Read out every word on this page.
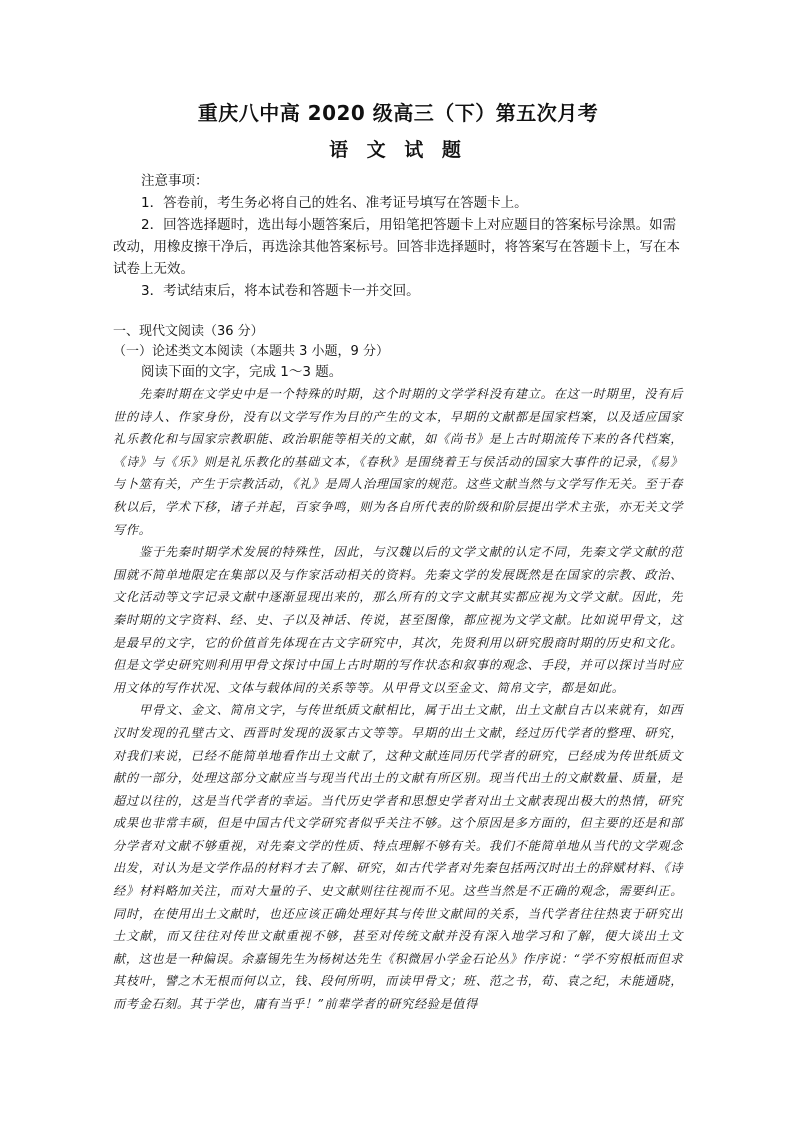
重庆八中高 2020 级高三（下）第五次月考
语 文 试 题

注意事项：

1．答卷前，考生务必将自己的姓名、准考证号填写在答题卡上。

2．回答选择题时，选出每小题答案后，用铅笔把答题卡上对应题目的答案标号涂黑。如需改动，用橡皮擦干净后，再选涂其他答案标号。回答非选择题时，将答案写在答题卡上，写在本试卷上无效。

3．考试结束后，将本试卷和答题卡一并交回。

一、现代文阅读（36 分）

（一）论述类文本阅读（本题共 3 小题，9 分）

阅读下面的文字，完成 1～3 题。

先秦时期在文学史中是一个特殊的时期，这个时期的文学学科没有建立。在这一时期里，没有后世的诗人、作家身份，没有以文学写作为目的产生的文本，早期的文献都是国家档案，以及适应国家礼乐教化和与国家宗教职能、政治职能等相关的文献，如《尚书》是上古时期流传下来的各代档案，《诗》与《乐》则是礼乐教化的基础文本，《春秋》是围绕着王与侯活动的国家大事件的记录，《易》与卜筮有关，产生于宗教活动，《礼》是周人治理国家的规范。这些文献当然与文学写作无关。至于春秋以后，学术下移，诸子并起，百家争鸣，则为各自所代表的阶级和阶层提出学术主张，亦无关文学写作。

鉴于先秦时期学术发展的特殊性，因此，与汉魏以后的文学文献的认定不同，先秦文学文献的范围就不简单地限定在集部以及与作家活动相关的资料。先秦文学的发展既然是在国家的宗教、政治、文化活动等文字记录文献中逐渐显现出来的，那么所有的文字文献其实都应视为文学文献。因此，先秦时期的文字资料、经、史、子以及神话、传说，甚至图像，都应视为文学文献。比如说甲骨文，这是最早的文字，它的价值首先体现在古文字研究中，其次，先贤利用以研究殷商时期的历史和文化。但是文学史研究则利用甲骨文探讨中国上古时期的写作状态和叙事的观念、手段，并可以探讨当时应用文体的写作状况、文体与载体间的关系等等。从甲骨文以至金文、简帛文字，都是如此。

甲骨文、金文、简帛文字，与传世纸质文献相比，属于出土文献，出土文献自古以来就有，如西汉时发现的孔壁古文、西晋时发现的汲冢古文等等。早期的出土文献，经过历代学者的整理、研究，对我们来说，已经不能简单地看作出土文献了，这种文献连同历代学者的研究，已经成为传世纸质文献的一部分，处理这部分文献应当与现当代出土的文献有所区别。现当代出土的文献数量、质量，是超过以往的，这是当代学者的幸运。当代历史学者和思想史学者对出土文献表现出极大的热情，研究成果也非常丰硕，但是中国古代文学研究者似乎关注不够。这个原因是多方面的，但主要的还是和部分学者对文献不够重视，对先秦文学的性质、特点理解不够有关。我们不能简单地从当代的文学观念出发，对认为是文学作品的材料才去了解、研究，如古代学者对先秦包括两汉时出土的辞赋材料、《诗经》材料略加关注，而对大量的子、史文献则往往视而不见。这些当然是不正确的观念，需要纠正。同时，在使用出土文献时，也还应该正确处理好其与传世文献间的关系，当代学者往往热衷于研究出土文献，而又往往对传世文献重视不够，甚至对传统文献并没有深入地学习和了解，便大谈出土文献，这也是一种偏误。余嘉锡先生为杨树达先生《积微居小学金石论丛》作序说：“学不穷根柢而但求其枝叶，譬之木无根而何以立，钱、段何所明，而读甲骨文；班、范之书，荀、袁之纪，未能通晓，而考金石刻。其于学也，庸有当乎！”前辈学者的研究经验是值得
